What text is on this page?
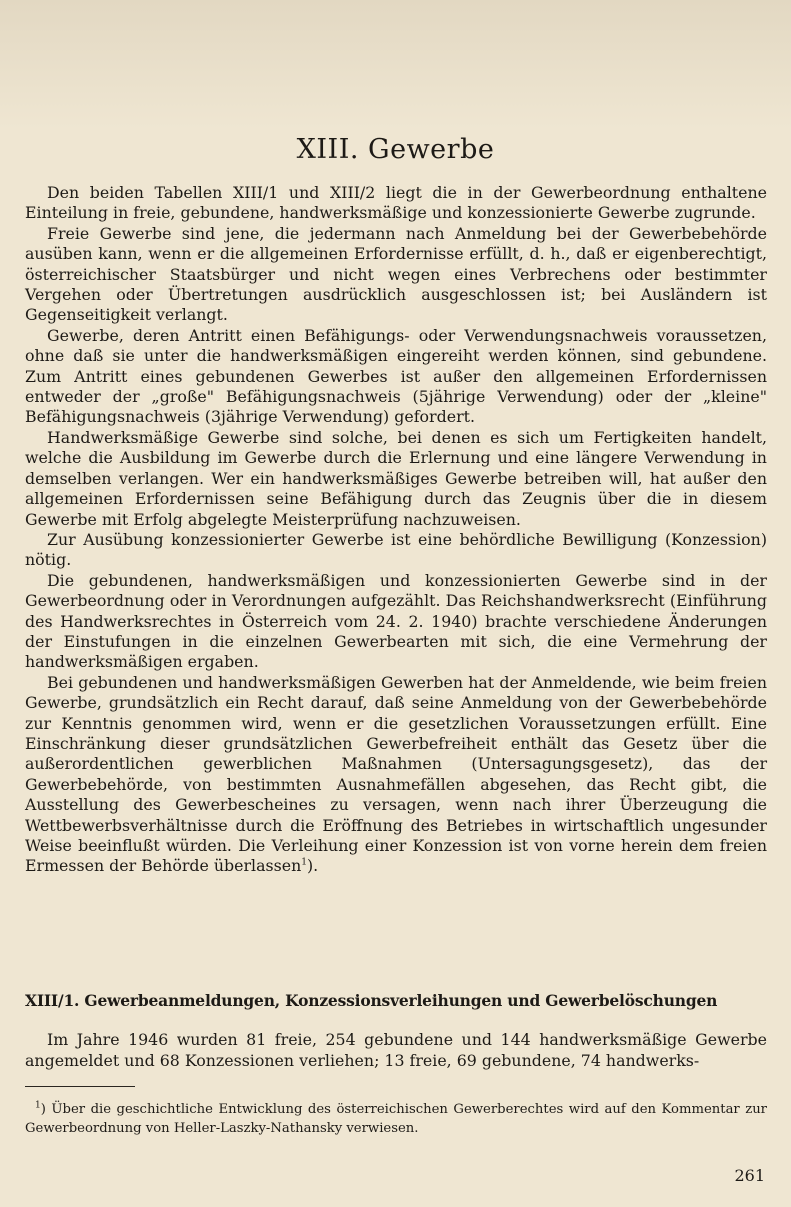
XIII. Gewerbe

Den beiden Tabellen XIII/1 und XIII/2 liegt die in der Gewerbeordnung enthaltene Einteilung in freie, gebundene, handwerksmäßige und konzessionierte Gewerbe zugrunde.

Freie Gewerbe sind jene, die jedermann nach Anmeldung bei der Gewerbebehörde ausüben kann, wenn er die allgemeinen Erfordernisse erfüllt, d. h., daß er eigenberechtigt, österreichischer Staatsbürger und nicht wegen eines Verbrechens oder bestimmter Vergehen oder Übertretungen ausdrücklich ausgeschlossen ist; bei Ausländern ist Gegenseitigkeit verlangt.

Gewerbe, deren Antritt einen Befähigungs- oder Verwendungsnachweis voraussetzen, ohne daß sie unter die handwerksmäßigen eingereiht werden können, sind gebundene. Zum Antritt eines gebundenen Gewerbes ist außer den allgemeinen Erfordernissen entweder der „große" Befähigungsnachweis (5jährige Verwendung) oder der „kleine" Befähigungsnachweis (3jährige Verwendung) gefordert.

Handwerksmäßige Gewerbe sind solche, bei denen es sich um Fertigkeiten handelt, welche die Ausbildung im Gewerbe durch die Erlernung und eine längere Verwendung in demselben verlangen. Wer ein handwerksmäßiges Gewerbe betreiben will, hat außer den allgemeinen Erfordernissen seine Befähigung durch das Zeugnis über die in diesem Gewerbe mit Erfolg abgelegte Meisterprüfung nachzuweisen.

Zur Ausübung konzessionierter Gewerbe ist eine behördliche Bewilligung (Konzession) nötig.

Die gebundenen, handwerksmäßigen und konzessionierten Gewerbe sind in der Gewerbeordnung oder in Verordnungen aufgezählt. Das Reichshandwerksrecht (Einführung des Handwerksrechtes in Österreich vom 24. 2. 1940) brachte verschiedene Änderungen der Einstufungen in die einzelnen Gewerbearten mit sich, die eine Vermehrung der handwerksmäßigen ergaben.

Bei gebundenen und handwerksmäßigen Gewerben hat der Anmeldende, wie beim freien Gewerbe, grundsätzlich ein Recht darauf, daß seine Anmeldung von der Gewerbebehörde zur Kenntnis genommen wird, wenn er die gesetzlichen Voraussetzungen erfüllt. Eine Einschränkung dieser grundsätzlichen Gewerbefreiheit enthält das Gesetz über die außerordentlichen gewerblichen Maßnahmen (Untersagungsgesetz), das der Gewerbebehörde, von bestimmten Ausnahmefällen abgesehen, das Recht gibt, die Ausstellung des Gewerbescheines zu versagen, wenn nach ihrer Überzeugung die Wettbewerbsverhältnisse durch die Eröffnung des Betriebes in wirtschaftlich ungesunder Weise beeinflußt würden. Die Verleihung einer Konzession ist von vorne herein dem freien Ermessen der Behörde überlassen$^1$).

XIII/1. Gewerbeanmeldungen, Konzessionsverleihungen und Gewerbelöschungen

Im Jahre 1946 wurden 81 freie, 254 gebundene und 144 handwerksmäßige Gewerbe angemeldet und 68 Konzessionen verliehen; 13 freie, 69 gebundene, 74 handwerks-

$^1$) Über die geschichtliche Entwicklung des österreichischen Gewerberechtes wird auf den Kommentar zur Gewerbeordnung von Heller-Laszky-Nathansky verwiesen.

261
